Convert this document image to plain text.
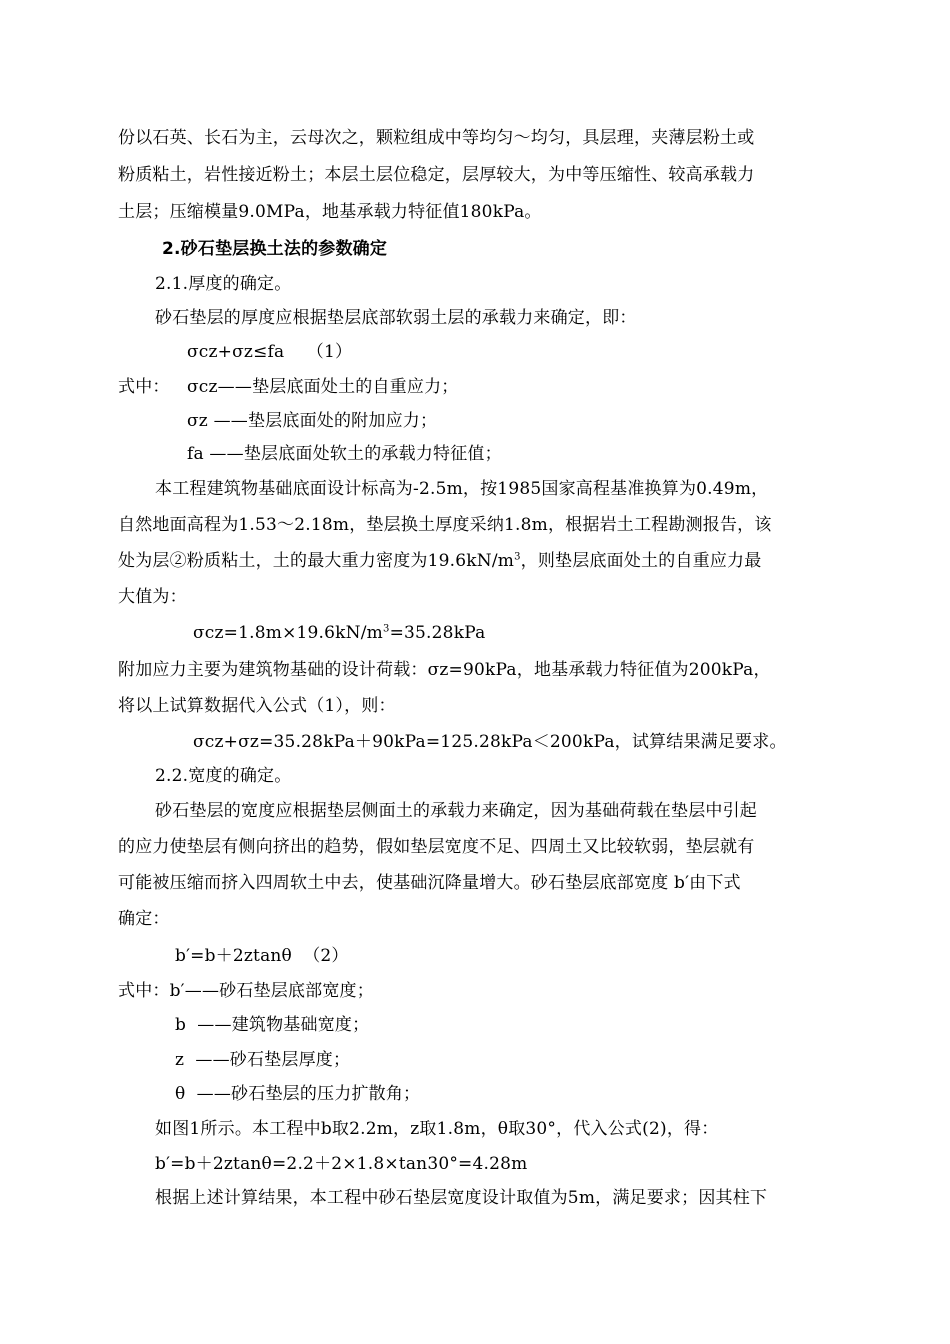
份以石英、长石为主，云母次之，颗粒组成中等均匀～均匀，具层理，夹薄层粉土或
粉质粘土，岩性接近粉土；本层土层位稳定，层厚较大，为中等压缩性、较高承载力
土层；压缩模量9.0MPa，地基承载力特征值180kPa。
2.砂石垫层换土法的参数确定
2.1.厚度的确定。
砂石垫层的厚度应根据垫层底部软弱土层的承载力来确定，即：
σcz+σz≤fa    （1）
式中： σcz——垫层底面处土的自重应力；
σz ——垫层底面处的附加应力；
fa ——垫层底面处软土的承载力特征值；
本工程建筑物基础底面设计标高为-2.5m，按1985国家高程基准换算为0.49m，
自然地面高程为1.53～2.18m，垫层换土厚度采纳1.8m，根据岩土工程勘测报告，该
处为层②粉质粘土，土的最大重力密度为$19.6kN/m^3$，则垫层底面处土的自重应力最
大值为：
$\sigma cz=1.8m\times 19.6kN/m^3=35.28kPa$
附加应力主要为建筑物基础的设计荷载：σz=90kPa，地基承载力特征值为200kPa，
将以上试算数据代入公式（1），则：
σcz+σz=35.28kPa＋90kPa=125.28kPa＜200kPa，试算结果满足要求。
2.2.宽度的确定。
砂石垫层的宽度应根据垫层侧面土的承载力来确定，因为基础荷载在垫层中引起
的应力使垫层有侧向挤出的趋势，假如垫层宽度不足、四周土又比较软弱，垫层就有
可能被压缩而挤入四周软土中去，使基础沉降量增大。砂石垫层底部宽度 b′由下式
确定：
b′=b＋2ztanθ  （2）
式中：b′——砂石垫层底部宽度；
b  ——建筑物基础宽度；
z  ——砂石垫层厚度；
θ  ——砂石垫层的压力扩散角；
如图1所示。本工程中b取2.2m，z取1.8m，θ取30°，代入公式(2)，得：
b′=b＋2ztanθ=2.2＋2×1.8×tan30°=4.28m
根据上述计算结果，本工程中砂石垫层宽度设计取值为5m，满足要求；因其柱下
